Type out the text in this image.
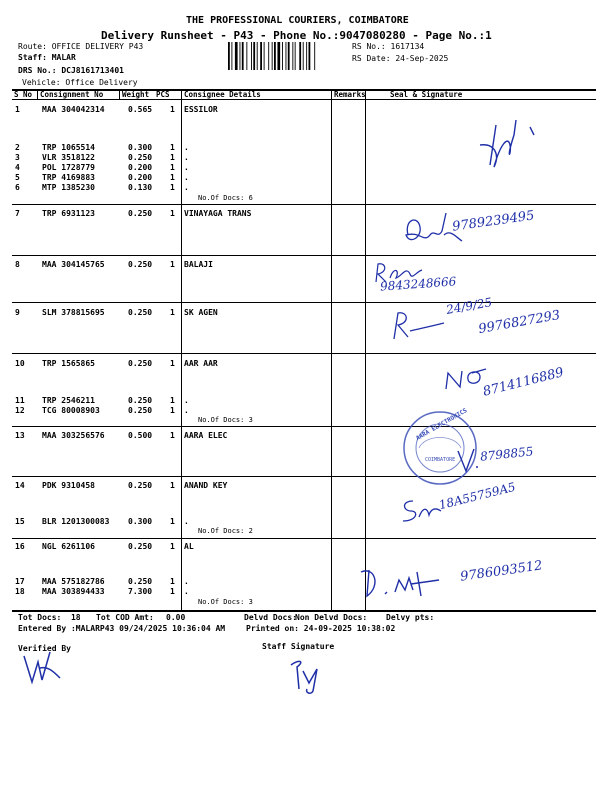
THE PROFESSIONAL COURIERS, COIMBATORE
Delivery Runsheet - P43 - Phone No.:9047080280 - Page No.:1
Route: OFFICE DELIVERY P43
Staff: MALAR
DRS No.: DCJ8161713401
Vehicle: Office Delivery
RS No.: 1617134
RS Date: 24-Sep-2025
S No Consignment No	Weight PCS Consignee Details	Remarks	Seal & Signature
1	MAA 304042314	0.565 1 ESSILOR
2	TRP 1065514	0.300 1 .
3	VLR 3518122	0.250 1 .
4	POL 1728779	0.200 1 .
5	TRP 4169883	0.200 1 .
6	MTP 1385230	0.130 1 .
7	TRP 6931123	0.250 1 VINAYAGA TRANS
8	MAA 304145765	0.250 1 BALAJI
9	SLM 378815695	0.250 1 SK AGEN
10 TRP 1565865	0.250 1 AAR AAR
11 TRP 2546211	0.250 1 .
12 TCG 80008903	0.250 1 .
13 MAA 303256576	0.500 1 AARA ELEC
14 PDK 9310458	0.250 1 ANAND KEY
15 BLR 1201300083 0.300 1 .
16 NGL 6261106	0.250 1 AL
17 MAA 575182786	0.250 1 .
18 MAA 303894433	7.300 1 .
No.Of Docs: 6
No.Of Docs: 3
No.Of Docs: 2
No.Of Docs: 3
9789239495
9843248666
24/9/25
9976827293
8714116889
AARA ELECTRONICS
COIMBATORE 8798855
18A55759A5
9786093512
Tot Docs:  18 Tot COD Amt: 0.00	Delvd Docs:
Non Delvd Docs: Delvy pts:
Entered By :MALARP43 09/24/2025 10:36:04 AM	Printed on: 24-09-2025 10:38:02
Verified By	Staff Signature
